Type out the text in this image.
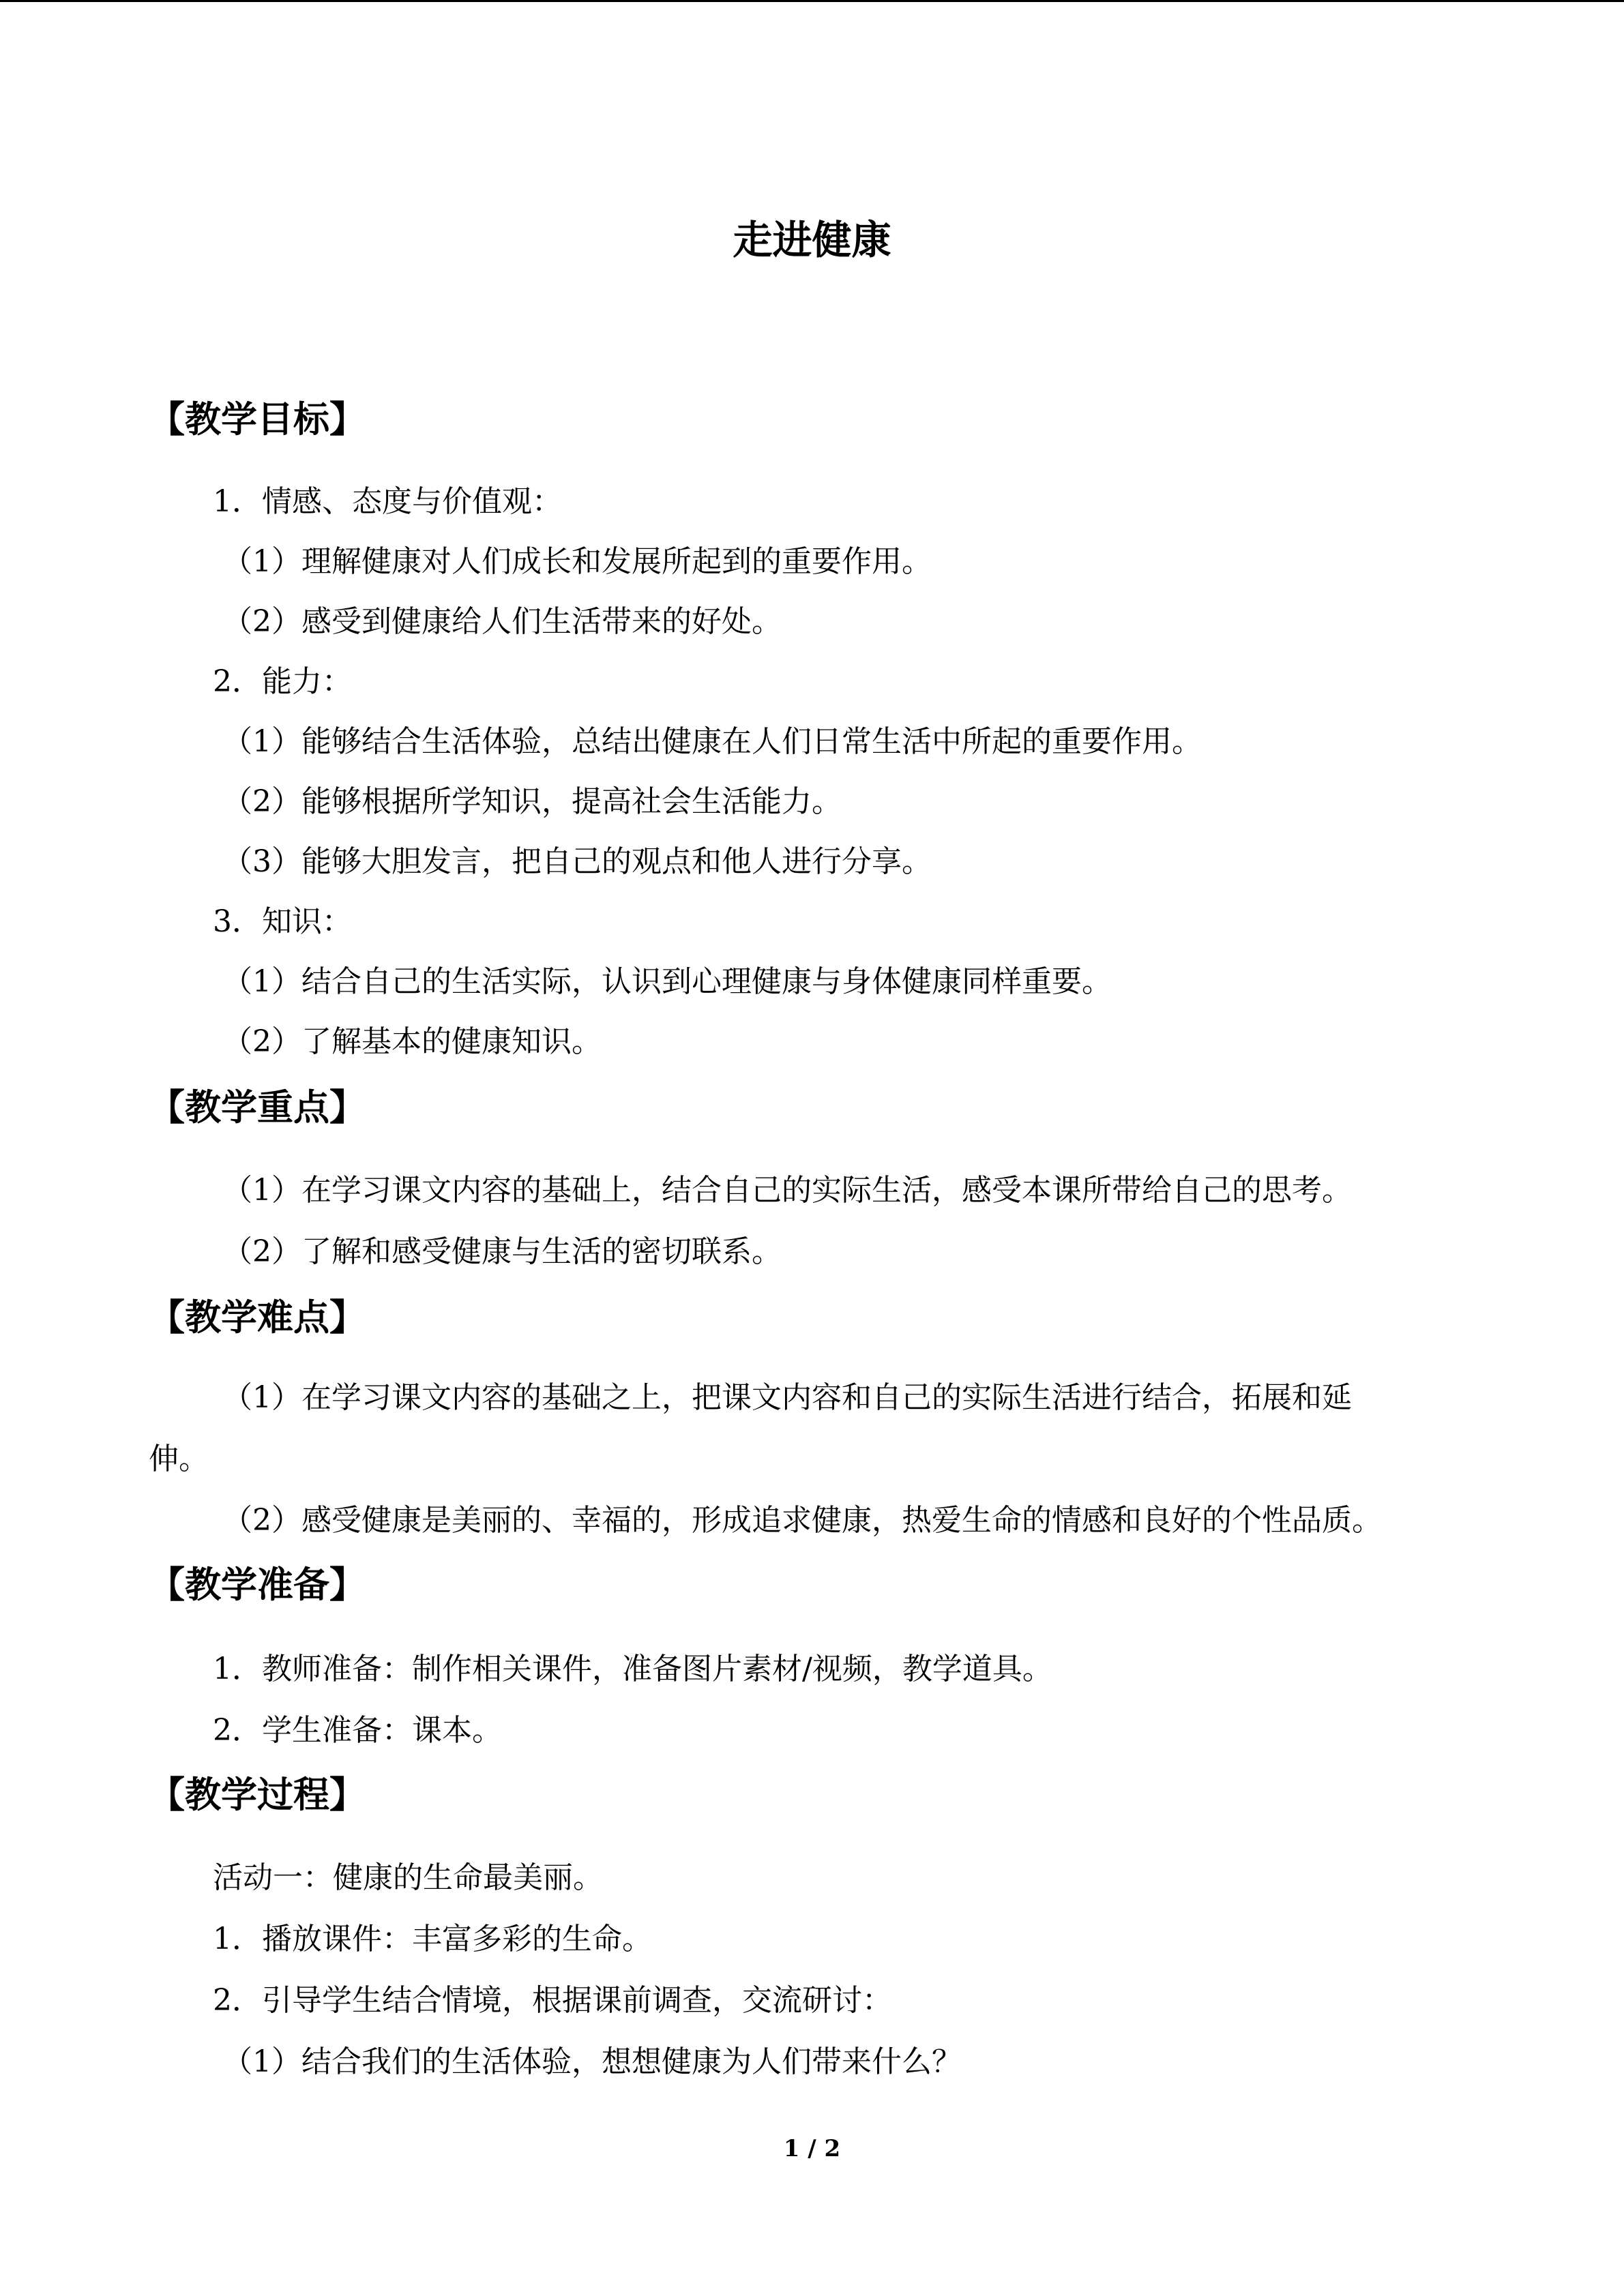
走进健康
【教学目标】
1．情感、态度与价值观：
（1）理解健康对人们成长和发展所起到的重要作用。
（2）感受到健康给人们生活带来的好处。
2．能力：
（1）能够结合生活体验，总结出健康在人们日常生活中所起的重要作用。
（2）能够根据所学知识，提高社会生活能力。
（3）能够大胆发言，把自己的观点和他人进行分享。
3．知识：
（1）结合自己的生活实际，认识到心理健康与身体健康同样重要。
（2）了解基本的健康知识。
【教学重点】
（1）在学习课文内容的基础上，结合自己的实际生活，感受本课所带给自己的思考。
（2）了解和感受健康与生活的密切联系。
【教学难点】
（1）在学习课文内容的基础之上，把课文内容和自己的实际生活进行结合，拓展和延
伸。
（2）感受健康是美丽的、幸福的，形成追求健康，热爱生命的情感和良好的个性品质。
【教学准备】
1．教师准备：制作相关课件，准备图片素材/视频，教学道具。
2．学生准备：课本。
【教学过程】
活动一：健康的生命最美丽。
1．播放课件：丰富多彩的生命。
2．引导学生结合情境，根据课前调查，交流研讨：
（1）结合我们的生活体验，想想健康为人们带来什么？
1 / 2
